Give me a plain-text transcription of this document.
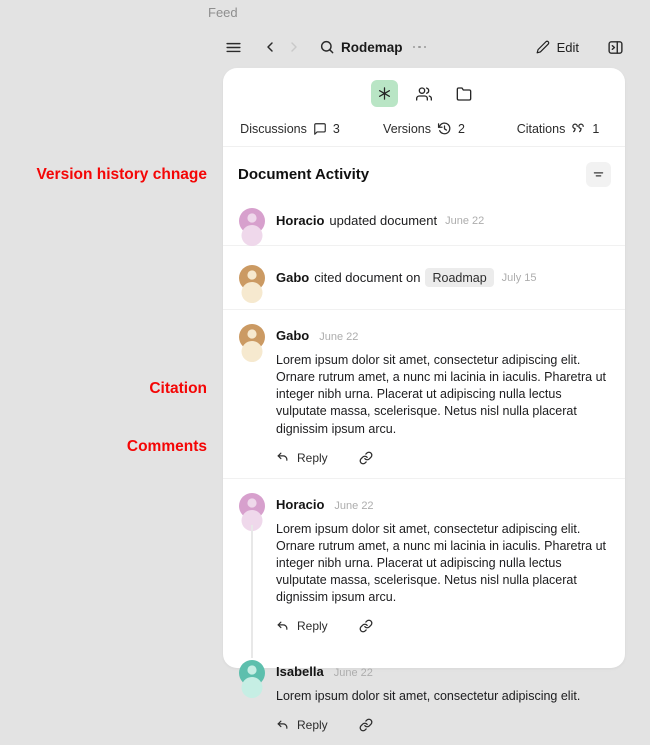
Feed
Rodemap	Edit
Discussions 3	Versions 2	Citations 1
Document Activity
Horacio updated document June 22
Gabo cited document on Roadmap	July 15
Gabo June 22
Lorem ipsum dolor sit amet, consectetur adipiscing elit. Ornare rutrum amet, a nunc mi lacinia in iaculis. Pharetra ut integer nibh urna. Placerat ut adipiscing nulla lectus vulputate massa, scelerisque. Netus nisl nulla placerat dignissim ipsum arcu.
Reply
Horacio June 22
Lorem ipsum dolor sit amet, consectetur adipiscing elit. Ornare rutrum amet, a nunc mi lacinia in iaculis. Pharetra ut integer nibh urna. Placerat ut adipiscing nulla lectus vulputate massa, scelerisque. Netus nisl nulla placerat dignissim ipsum arcu.
Reply
Isabella June 22
Lorem ipsum dolor sit amet, consectetur adipiscing elit.
Reply
Version history chnage
Citation
Comments
